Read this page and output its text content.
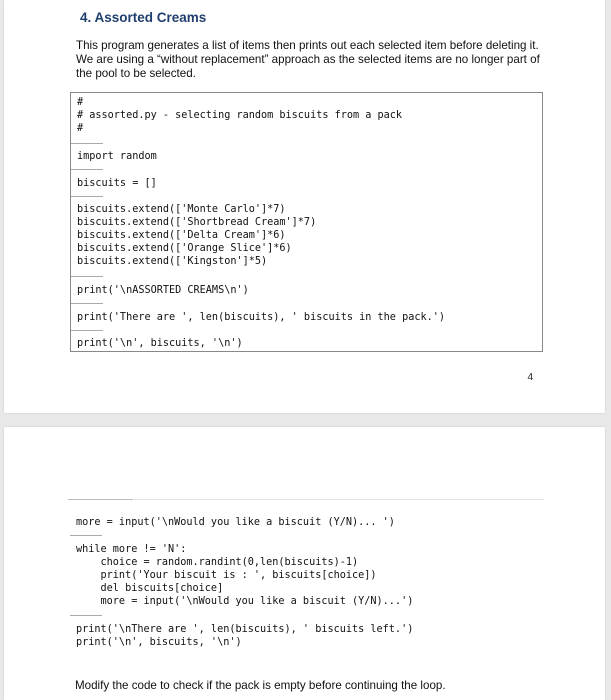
4. Assorted Creams
This program generates a list of items then prints out each selected item before deleting it. We are using a “without replacement” approach as the selected items are no longer part of the pool to be selected.
#
# assorted.py - selecting random biscuits from a pack
#
import random
biscuits = []
biscuits.extend(['Monte Carlo']*7)
biscuits.extend(['Shortbread Cream']*7)
biscuits.extend(['Delta Cream']*6)
biscuits.extend(['Orange Slice']*6)
biscuits.extend(['Kingston']*5)
print('\nASSORTED CREAMS\n')
print('There are ', len(biscuits), ' biscuits in the pack.')
print('\n', biscuits, '\n')
4
more = input('\nWould you like a biscuit (Y/N)... ')
while more != 'N':
choice = random.randint(0,len(biscuits)-1)
print('Your biscuit is : ', biscuits[choice])
del biscuits[choice]
more = input('\nWould you like a biscuit (Y/N)...')
print('\nThere are ', len(biscuits), ' biscuits left.')
print('\n', biscuits, '\n')
Modify the code to check if the pack is empty before continuing the loop.
